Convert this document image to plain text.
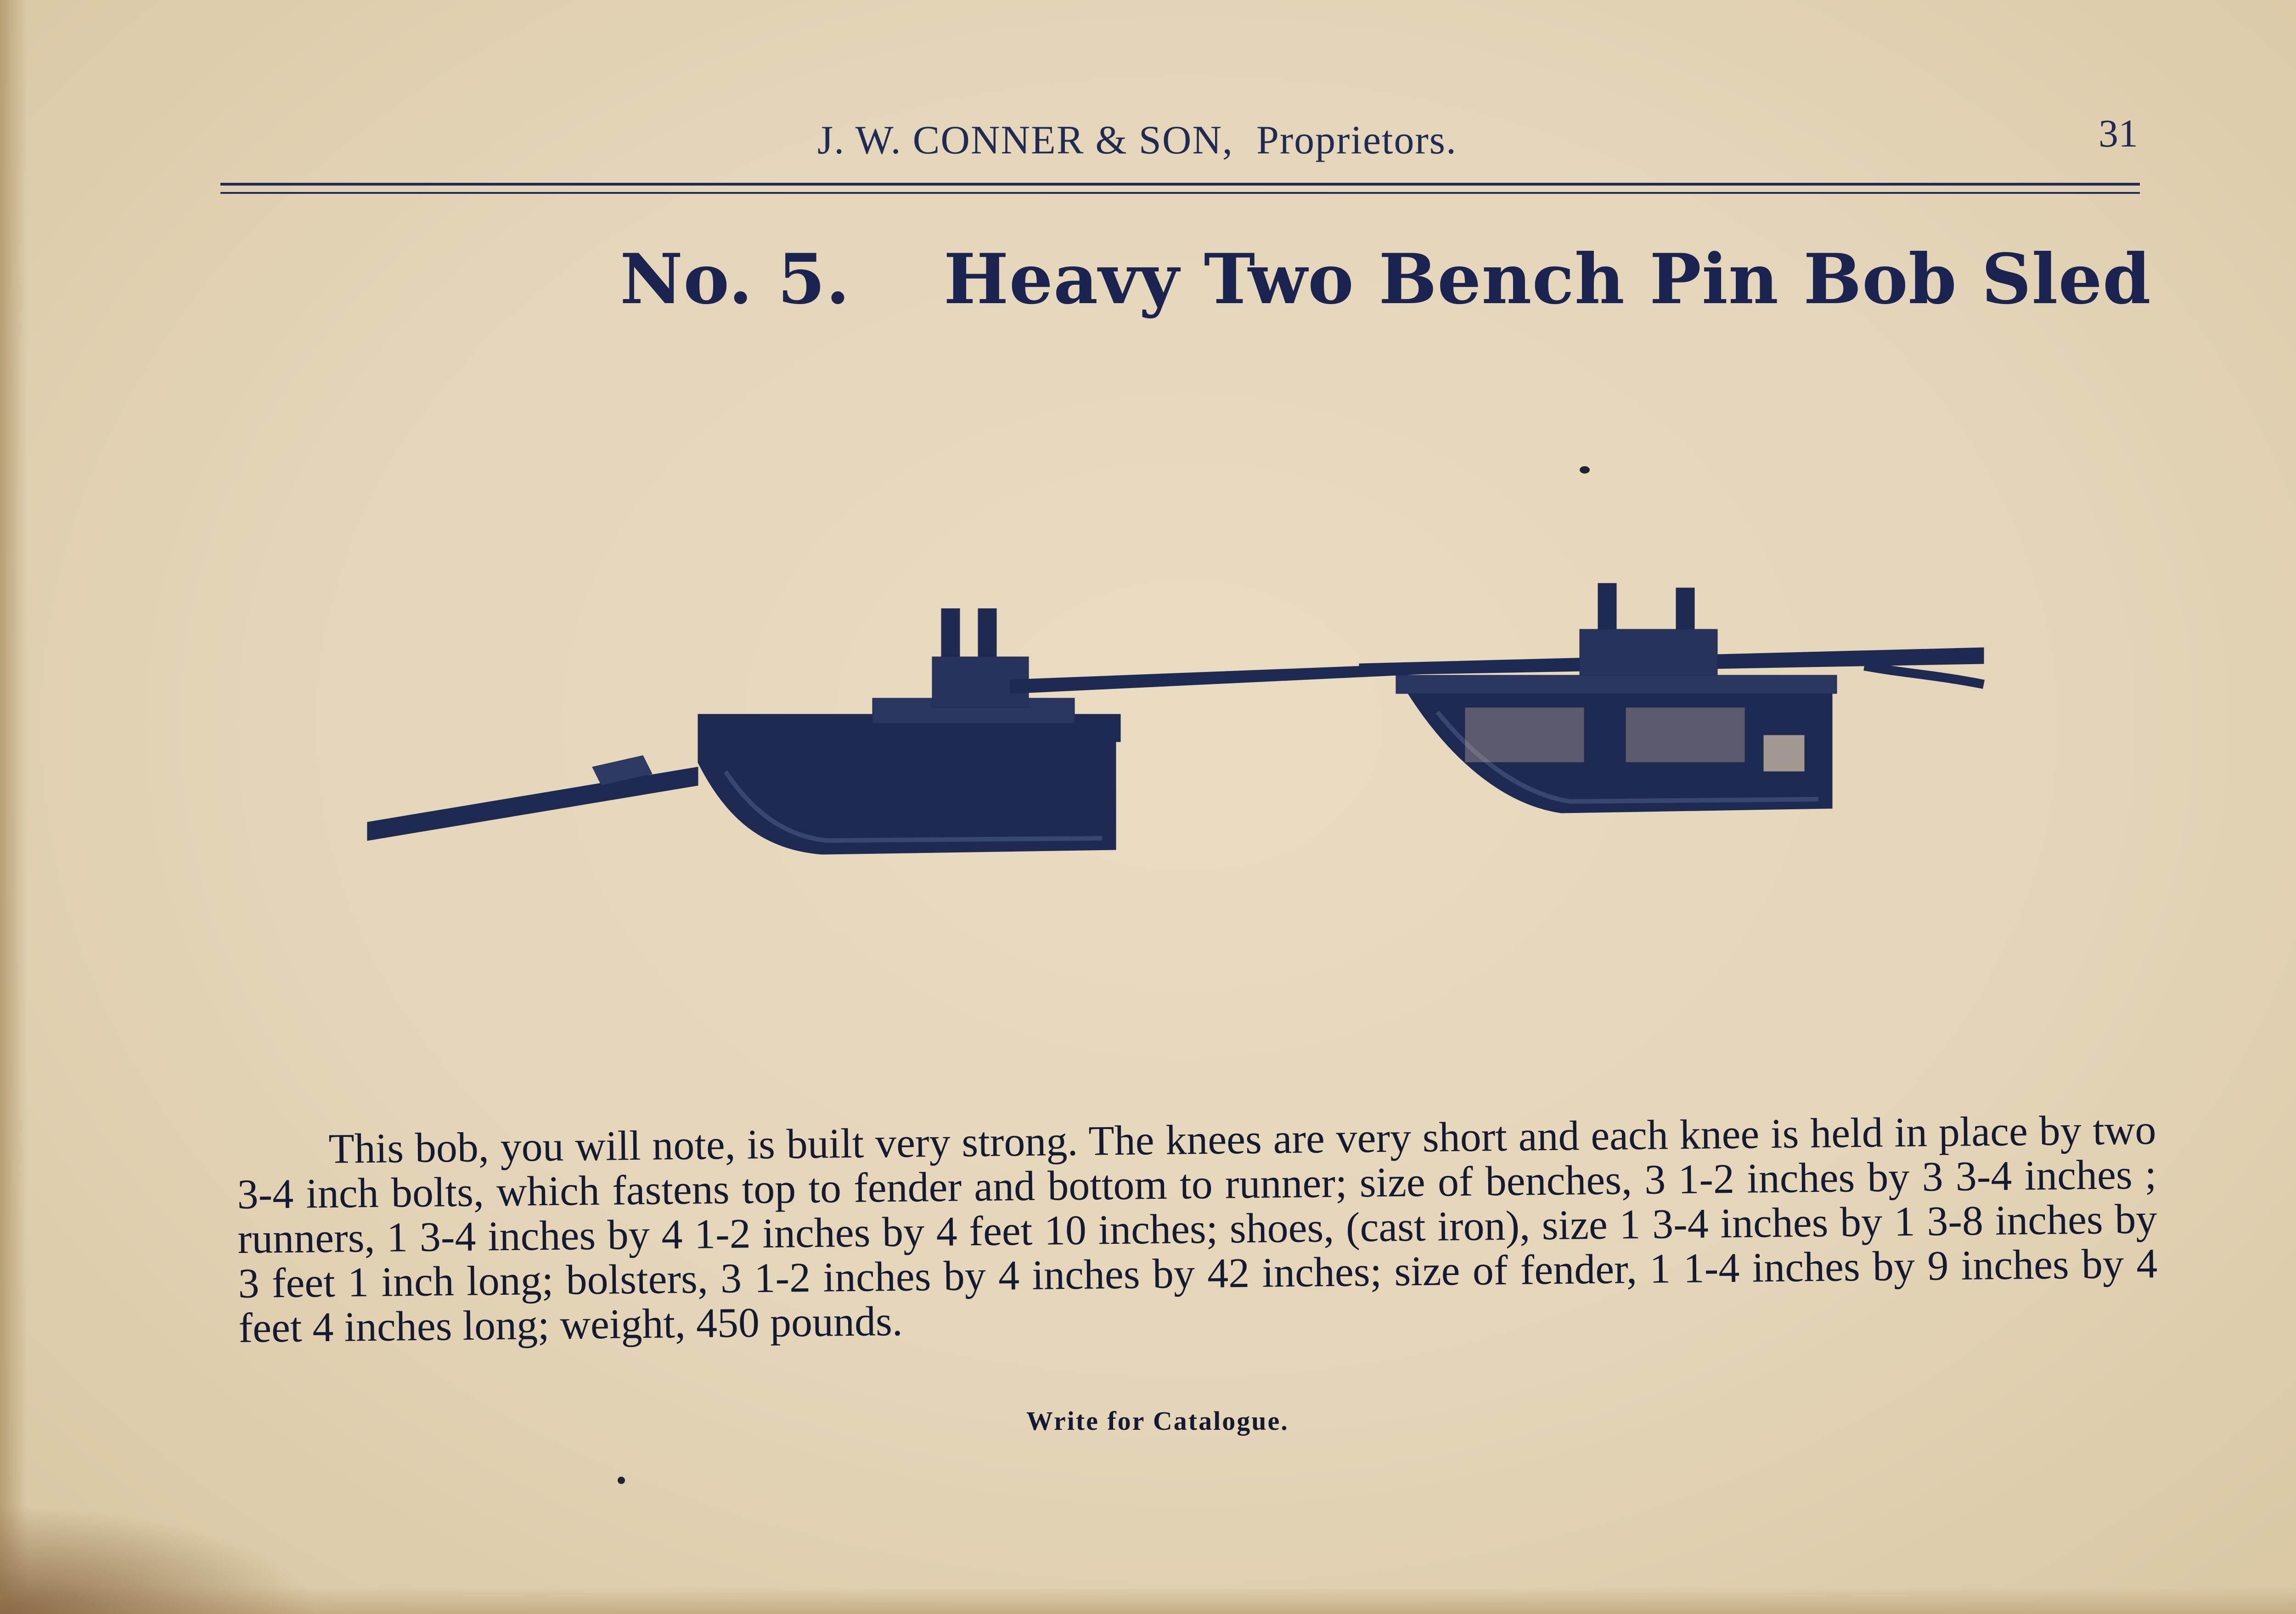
J. W. CONNER & SON, Proprietors.	31
No. 5. Heavy Two Bench Pin Bob Sled
This bob, you will note, is built very strong. The knees are very short and each knee is held in place by two 3-4 inch bolts, which fastens top to fender and bottom to runner; size of benches, 3 1-2 inches by 3 3-4 inches ; runners, 1 3-4 inches by 4 1-2 inches by 4 feet 10 inches; shoes, (cast iron), size 1 3-4 inches by 1 3-8 inches by 3 feet 1 inch long; bolsters, 3 1-2 inches by 4 inches by 42 inches; size of fender, 1 1-4 inches by 9 inches by 4 feet 4 inches long; weight, 450 pounds.
Write for Catalogue.
